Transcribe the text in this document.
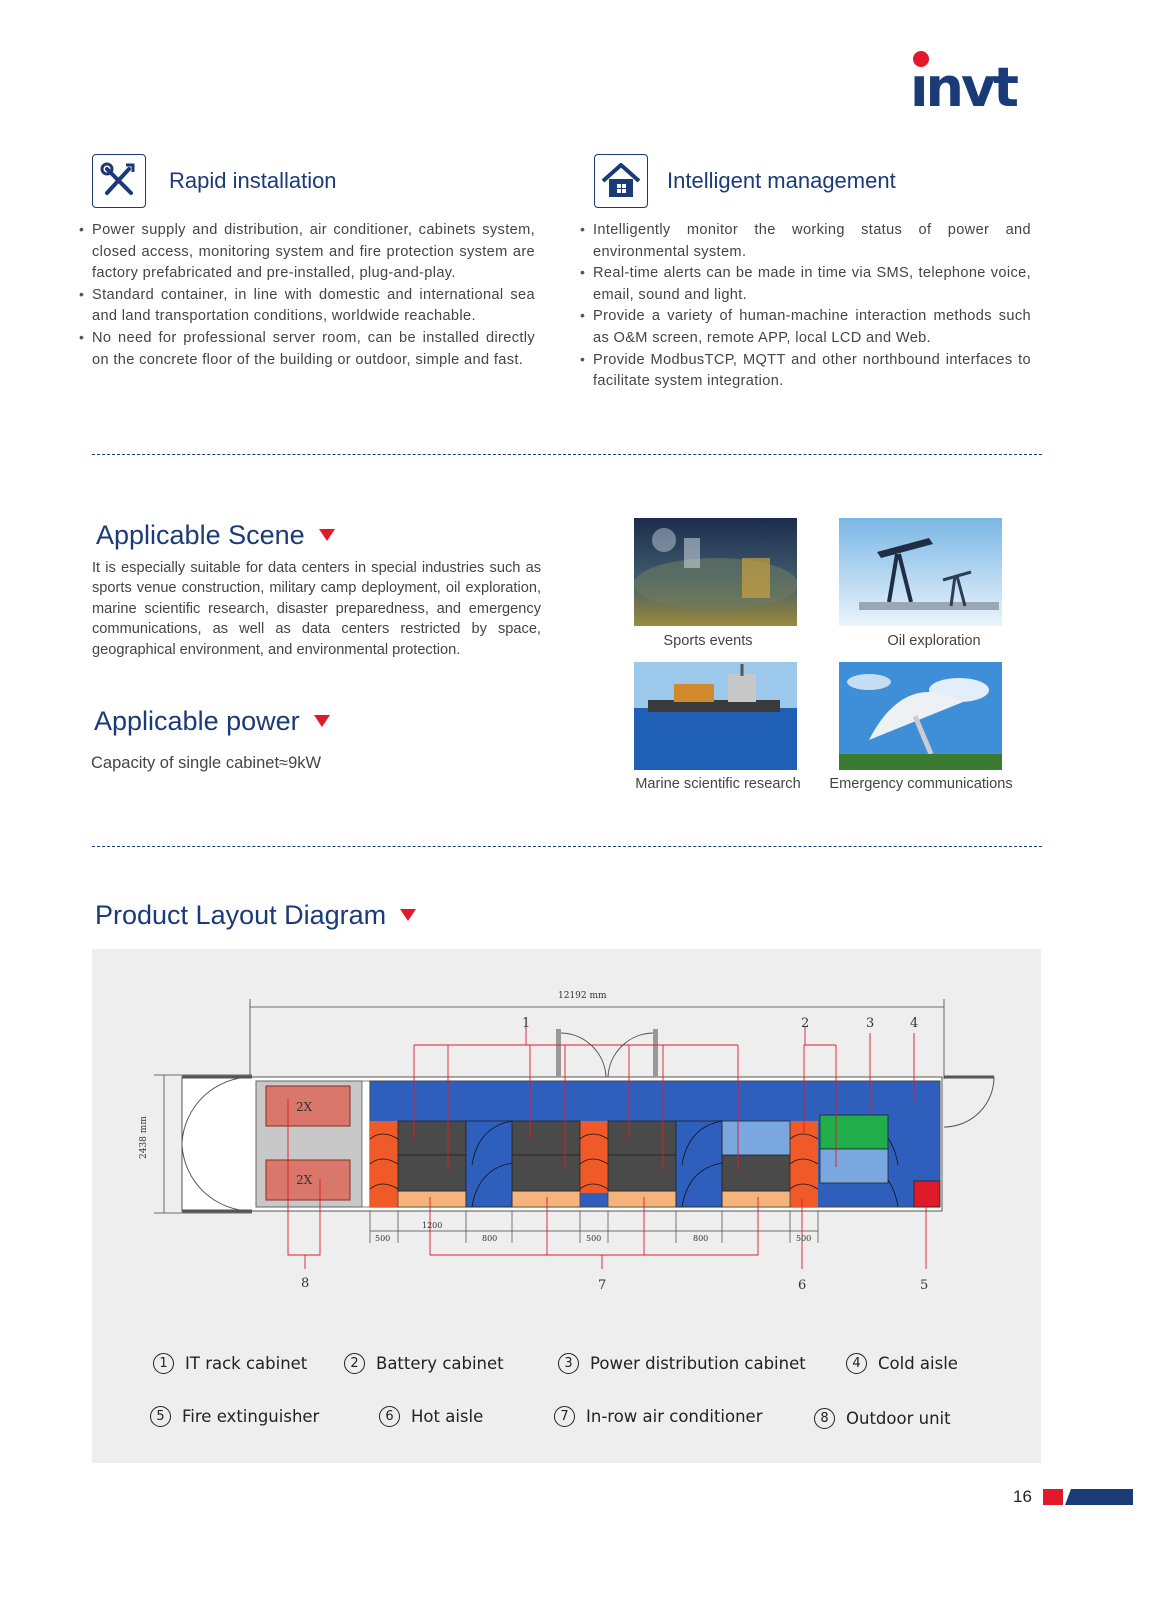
ınvt
Rapid installation
• Power supply and distribution, air conditioner, cabinets system, closed access, monitoring system and fire protection system are factory prefabricated and pre-installed, plug-and-play.
• Standard container, in line with domestic and international sea and land transportation conditions, worldwide reachable.
• No need for professional server room, can be installed directly on the concrete floor of the building or outdoor, simple and fast.
Intelligent management
• Intelligently monitor the working status of power and environmental system.
• Real-time alerts can be made in time via SMS, telephone voice, email, sound and light.
• Provide a variety of human-machine interaction methods such as O&M screen, remote APP, local LCD and Web.
• Provide ModbusTCP, MQTT and other northbound interfaces to facilitate system integration.
Applicable Scene
It is especially suitable for data centers in special industries such as sports venue construction, military camp deployment, oil exploration, marine scientific research, disaster preparedness, and emergency communications, as well as data centers restricted by space, geographical environment, and environmental protection.
Applicable power
Capacity of single cabinet≈9kW
Sports events	Oil exploration
Marine scientific research	Emergency communications
Product Layout Diagram
12192 mm
2438 mm
2X
2X
500
1200
800	500	800	500
1	2	3	4
5
6
7
8
1	IT rack cabinet	2	Battery cabinet	3	Power distribution cabinet	4	Cold aisle
5	Fire extinguisher	6	Hot aisle	7	In-row air conditioner	8	Outdoor unit
16
